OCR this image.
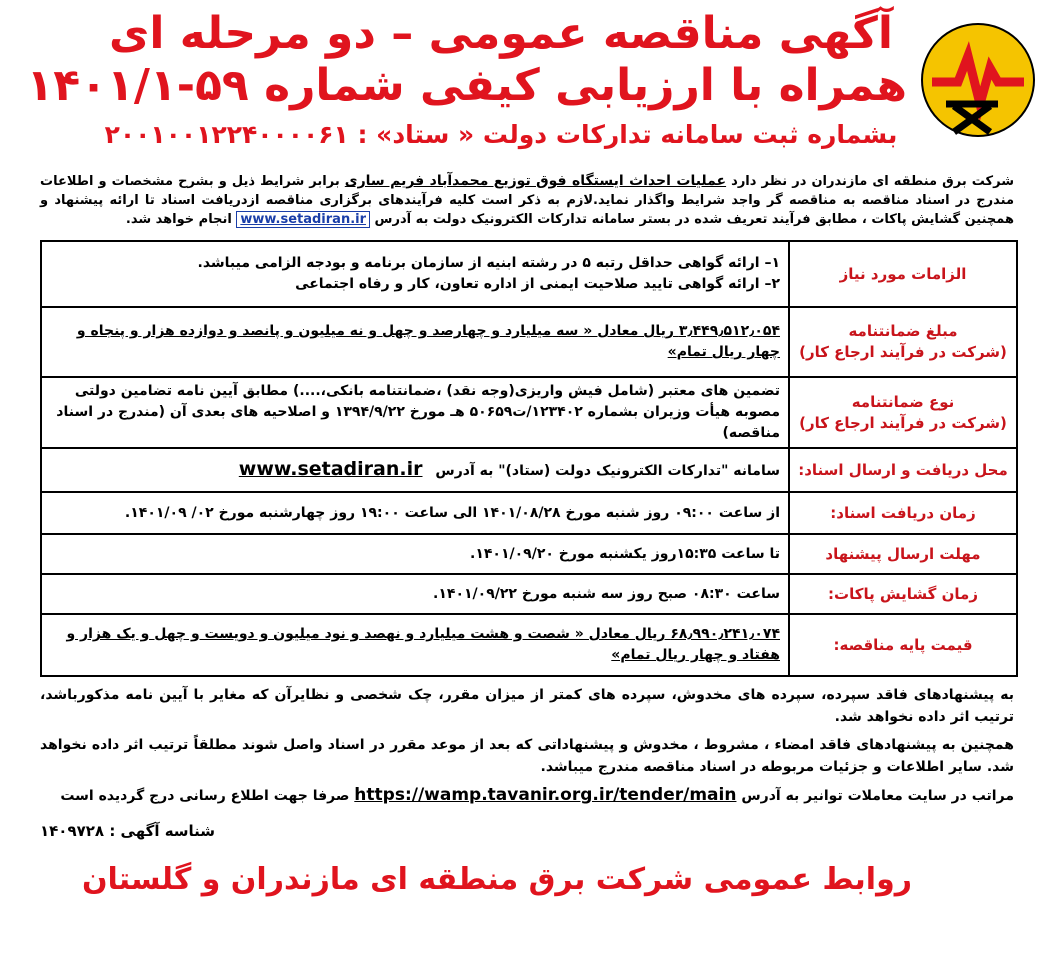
آگهی مناقصه عمومی – دو مرحله ای
همراه با ارزیابی کیفی شماره ۵۹-۱۴۰۱/۱
بشماره ثبت سامانه تدارکات دولت « ستاد» : ۲۰۰۱۰۰۱۲۲۴۰۰۰۰۶۱
شرکت برق منطقه ای مازندران در نظر دارد عملیات احداث ایستگاه فوق توزیع محمدآباد فریم ساری برابر شرایط ذیل و بشرح مشخصات و اطلاعات مندرج در اسناد مناقصه به مناقصه گر واجد شرایط واگذار نماید.لازم به ذکر است کلیه فرآیندهای برگزاری مناقصه ازدریافت اسناد تا ارائه پیشنهاد و همچنین گشایش پاکات ، مطابق فرآیند تعریف شده در بستر سامانه تدارکات الکترونیک دولت به آدرس www.setadiran.ir انجام خواهد شد.
الزامات مورد نیاز	۱– ارائه گواهی حداقل رتبه ۵ در رشته ابنیه از سازمان برنامه و بودجه الزامی میباشد.
۲– ارائه گواهی تایید صلاحیت ایمنی از اداره تعاون، کار و رفاه اجتماعی

مبلغ ضمانتنامه
(شرکت در فرآیند ارجاع کار)	۳٫۴۴۹٫۵۱۲٫۰۵۴ ریال معادل « سه میلیارد و چهارصد و چهل و نه میلیون و پانصد و دوازده هزار و پنجاه و چهار ریال تمام»

نوع ضمانتنامه
(شرکت در فرآیند ارجاع کار)	تضمین های معتبر (شامل فیش واریزی(وجه نقد) ،ضمانتنامه بانکی،....) مطابق آیین نامه تضامین دولتی مصوبه هیأت وزیران بشماره ۱۲۳۴۰۲/ت۵۰۶۵۹ هـ مورخ ۱۳۹۴/۹/۲۲ و اصلاحیه های بعدی آن (مندرج در اسناد مناقصه)
محل دریافت و ارسال اسناد:	سامانه "تدارکات الکترونیک دولت (ستاد)" به آدرس www.setadiran.ir
زمان دریافت اسناد:	از ساعت ۰۹:۰۰ روز شنبه مورخ ۱۴۰۱/۰۸/۲۸ الی ساعت ۱۹:۰۰ روز چهارشنبه مورخ ۰۲/ ۱۴۰۱/۰۹.
مهلت ارسال پیشنهاد	تا ساعت ۱۵:۳۵روز یکشنبه مورخ ۱۴۰۱/۰۹/۲۰.
زمان گشایش پاکات:	ساعت ۰۸:۳۰ صبح روز سه شنبه مورخ ۱۴۰۱/۰۹/۲۲.
قیمت پایه مناقصه:	۶۸٫۹۹۰٫۲۴۱٫۰۷۴ ریال معادل « شصت و هشت میلیارد و نهصد و نود میلیون و دویست و چهل و یک هزار و هفتاد و چهار ریال تمام»

به پیشنهادهای فاقد سپرده، سپرده های مخدوش، سپرده های کمتر از میزان مقرر، چک شخصی و نظایرآن که مغایر با آیین نامه مذکورباشد، ترتیب اثر داده نخواهد شد.

همچنین به پیشنهادهای فاقد امضاء ، مشروط ، مخدوش و پیشنهاداتی که بعد از موعد مقرر در اسناد واصل شوند مطلقاً ترتیب اثر داده نخواهد شد. سایر اطلاعات و جزئیات مربوطه در اسناد مناقصه مندرج میباشد.

مراتب در سایت معاملات توانیر به آدرس https://wamp.tavanir.org.ir/tender/main صرفا جهت اطلاع رسانی درج گردیده است

شناسه آگهی : ۱۴۰۹۷۲۸
روابط عمومی شرکت برق منطقه ای مازندران و گلستان
